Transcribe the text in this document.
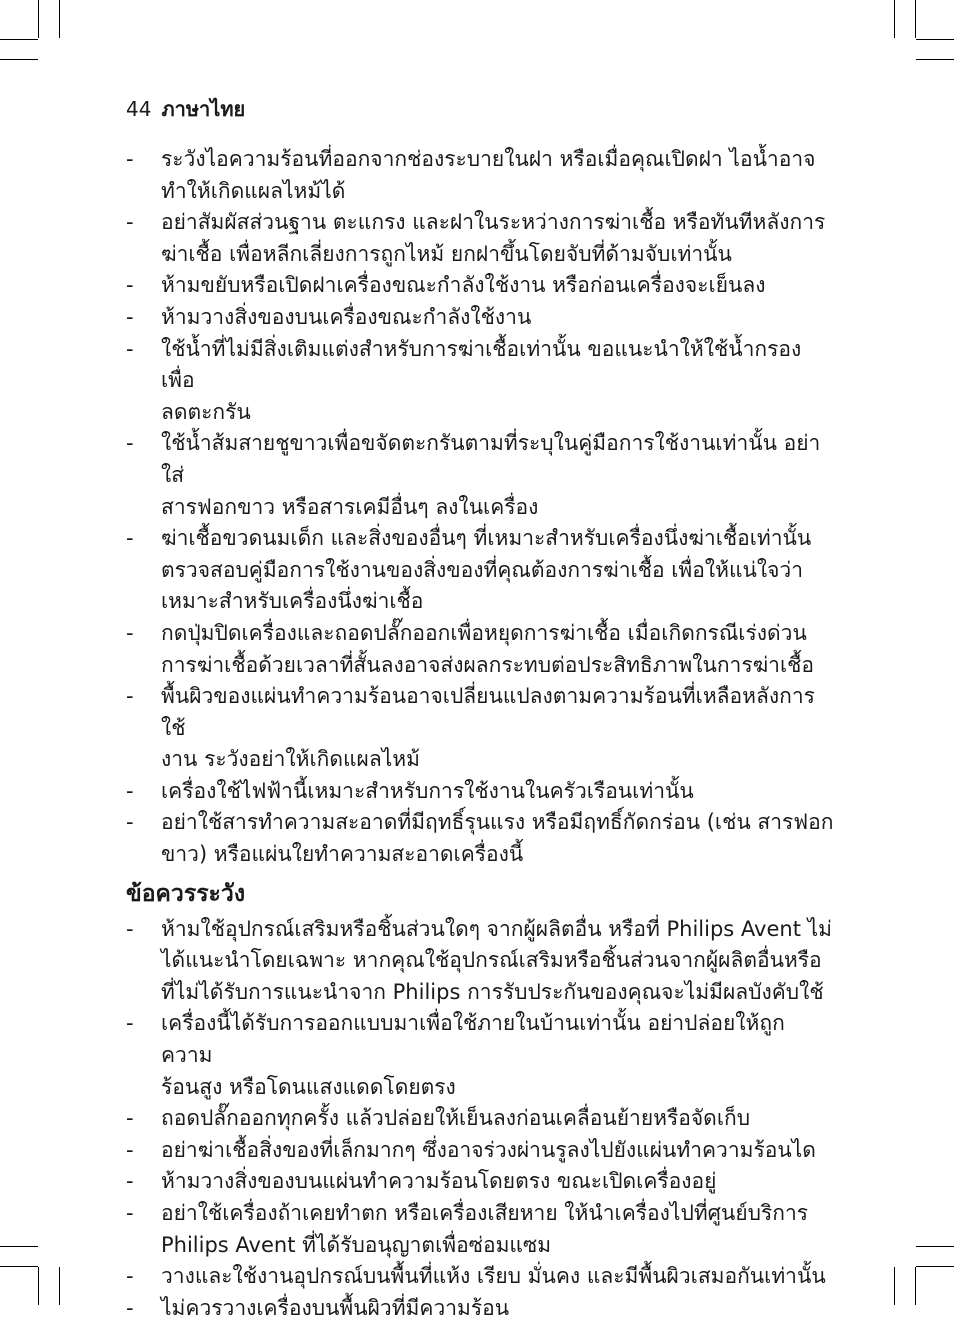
44 ภาษาไทย
- ระวังไอความร้อนที่ออกจากช่องระบายในฝา หรือเมื่อคุณเปิดฝา ไอน้ำอาจ
ทำให้เกิดแผลไหม้ได้
- อย่าสัมผัสส่วนฐาน ตะแกรง และฝาในระหว่างการฆ่าเชื้อ หรือทันทีหลังการ
ฆ่าเชื้อ เพื่อหลีกเลี่ยงการถูกไหม้ ยกฝาขึ้นโดยจับที่ด้ามจับเท่านั้น
- ห้ามขยับหรือเปิดฝาเครื่องขณะกำลังใช้งาน หรือก่อนเครื่องจะเย็นลง
- ห้ามวางสิ่งของบนเครื่องขณะกำลังใช้งาน
- ใช้น้ำที่ไม่มีสิ่งเติมแต่งสำหรับการฆ่าเชื้อเท่านั้น ขอแนะนำให้ใช้น้ำกรองเพื่อ
ลดตะกรัน
- ใช้น้ำส้มสายชูขาวเพื่อขจัดตะกรันตามที่ระบุในคู่มือการใช้งานเท่านั้น อย่าใส่
สารฟอกขาว หรือสารเคมีอื่นๆ ลงในเครื่อง
- ฆ่าเชื้อขวดนมเด็ก และสิ่งของอื่นๆ ที่เหมาะสำหรับเครื่องนึ่งฆ่าเชื้อเท่านั้น
ตรวจสอบคู่มือการใช้งานของสิ่งของที่คุณต้องการฆ่าเชื้อ เพื่อให้แน่ใจว่า
เหมาะสำหรับเครื่องนึ่งฆ่าเชื้อ
- กดปุ่มปิดเครื่องและถอดปลั๊กออกเพื่อหยุดการฆ่าเชื้อ เมื่อเกิดกรณีเร่งด่วน
การฆ่าเชื้อด้วยเวลาที่สั้นลงอาจส่งผลกระทบต่อประสิทธิภาพในการฆ่าเชื้อ
- พื้นผิวของแผ่นทำความร้อนอาจเปลี่ยนแปลงตามความร้อนที่เหลือหลังการใช้
งาน ระวังอย่าให้เกิดแผลไหม้
- เครื่องใช้ไฟฟ้านี้เหมาะสำหรับการใช้งานในครัวเรือนเท่านั้น
- อย่าใช้สารทำความสะอาดที่มีฤทธิ์รุนแรง หรือมีฤทธิ์กัดกร่อน (เช่น สารฟอก
ขาว) หรือแผ่นใยทำความสะอาดเครื่องนี้
ข้อควรระวัง
- ห้ามใช้อุปกรณ์เสริมหรือชิ้นส่วนใดๆ จากผู้ผลิตอื่น หรือที่ Philips Avent ไม่
ได้แนะนำโดยเฉพาะ หากคุณใช้อุปกรณ์เสริมหรือชิ้นส่วนจากผู้ผลิตอื่นหรือ
ที่ไม่ได้รับการแนะนำจาก Philips การรับประกันของคุณจะไม่มีผลบังคับใช้
- เครื่องนี้ได้รับการออกแบบมาเพื่อใช้ภายในบ้านเท่านั้น อย่าปล่อยให้ถูกความ
ร้อนสูง หรือโดนแสงแดดโดยตรง
- ถอดปลั๊กออกทุกครั้ง แล้วปล่อยให้เย็นลงก่อนเคลื่อนย้ายหรือจัดเก็บ
- อย่าฆ่าเชื้อสิ่งของที่เล็กมากๆ ซึ่งอาจร่วงผ่านรูลงไปยังแผ่นทำความร้อนได
- ห้ามวางสิ่งของบนแผ่นทำความร้อนโดยตรง ขณะเปิดเครื่องอยู่
- อย่าใช้เครื่องถ้าเคยทำตก หรือเครื่องเสียหาย ให้นำเครื่องไปที่ศูนย์บริการ
Philips Avent ที่ได้รับอนุญาตเพื่อซ่อมแซม
- วางและใช้งานอุปกรณ์บนพื้นที่แห้ง เรียบ มั่นคง และมีพื้นผิวเสมอกันเท่านั้น
- ไม่ควรวางเครื่องบนพื้นผิวที่มีความร้อน
